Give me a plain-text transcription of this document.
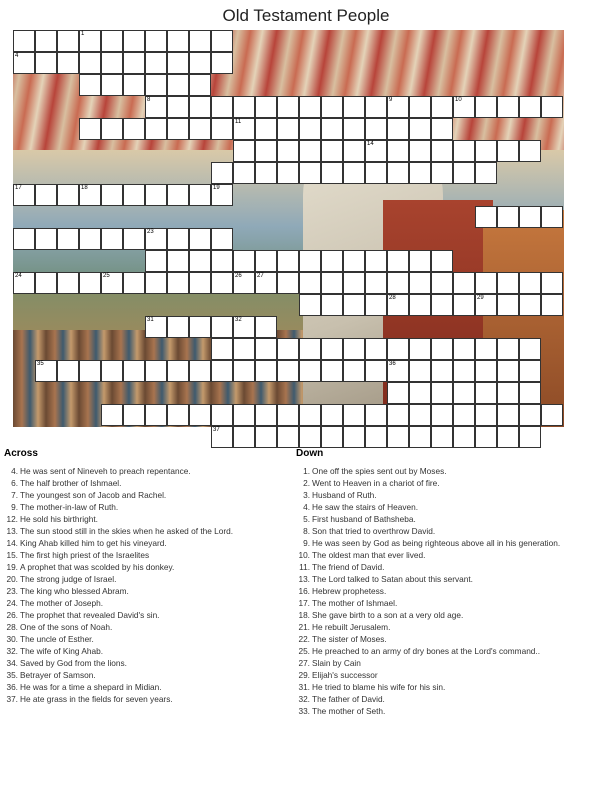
Old Testament People
1
4
8	9	10
11
14
17	18	19
23
24	25	26	27
28	29
31	32
35	36
37
Across
4. He was sent of Nineveh to preach repentance.
6. The half brother of Ishmael.
7. The youngest son of Jacob and Rachel.
9. The mother-in-law of Ruth.
12. He sold his birthright.
13. The sun stood still in the skies when he asked of the Lord.
14. King Ahab killed him to get his vineyard.
15. The first high priest of the Israelites
19. A prophet that was scolded by his donkey.
20. The strong judge of Israel.
23. The king who blessed Abram.
24. The mother of Joseph.
26. The prophet that revealed David's sin.
28. One of the sons of Noah.
30. The uncle of Esther.
32. The wife of King Ahab.
34. Saved by God from the lions.
35. Betrayer of Samson.
36. He was for a time a shepard in Midian.
37. He ate grass in the fields for seven years.
Down
1. One off the spies sent out by Moses.
2. Went to Heaven in a chariot of fire.
3. Husband of Ruth.
4. He saw the stairs of Heaven.
5. First husband of Bathsheba.
8. Son that tried to overthrow David.
9. He was seen by God as being righteous above all in his generation.
10. The oldest man that ever lived.
11. The friend of David.
13. The Lord talked to Satan about this servant.
16. Hebrew prophetess.
17. The mother of Ishmael.
18. She gave birth to a son at a very old age.
21. He rebuilt Jerusalem.
22. The sister of Moses.
25. He preached to an army of dry bones at the Lord's command..
27. Slain by Cain
29. Elijah's successor
31. He tried to blame his wife for his sin.
32. The father of David.
33. The mother of Seth.
